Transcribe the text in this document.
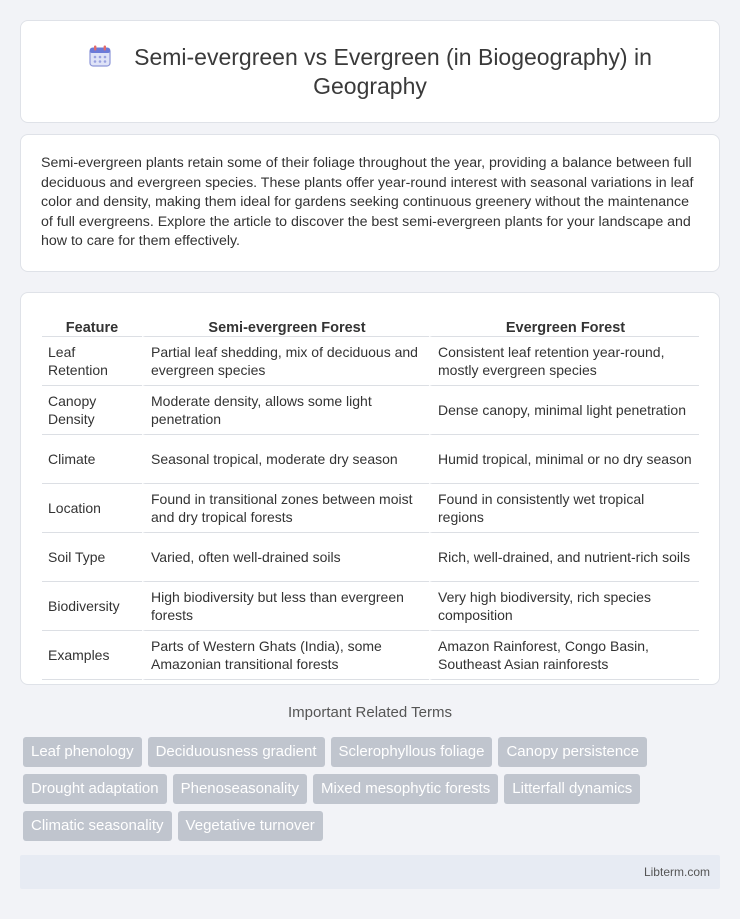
Semi-evergreen vs Evergreen (in Biogeography) in Geography

Semi-evergreen plants retain some of their foliage throughout the year, providing a balance between full deciduous and evergreen species. These plants offer year-round interest with seasonal variations in leaf color and density, making them ideal for gardens seeking continuous greenery without the maintenance of full evergreens. Explore the article to discover the best semi-evergreen plants for your landscape and how to care for them effectively.

Feature	Semi-evergreen Forest	Evergreen Forest
Leaf Retention	Partial leaf shedding, mix of deciduous and evergreen species	Consistent leaf retention year-round, mostly evergreen species
Canopy Density	Moderate density, allows some light penetration	Dense canopy, minimal light penetration
Climate	Seasonal tropical, moderate dry season	Humid tropical, minimal or no dry season
Location	Found in transitional zones between moist and dry tropical forests	Found in consistently wet tropical regions
Soil Type	Varied, often well-drained soils	Rich, well-drained, and nutrient-rich soils
Biodiversity	High biodiversity but less than evergreen forests	Very high biodiversity, rich species composition
Examples	Parts of Western Ghats (India), some Amazonian transitional forests	Amazon Rainforest, Congo Basin, Southeast Asian rainforests
Important Related Terms
Leaf phenology	Deciduousness gradient	Sclerophyllous foliage	Canopy persistence
Drought adaptation	Phenoseasonality	Mixed mesophytic forests	Litterfall dynamics
Climatic seasonality	Vegetative turnover
Libterm.com
